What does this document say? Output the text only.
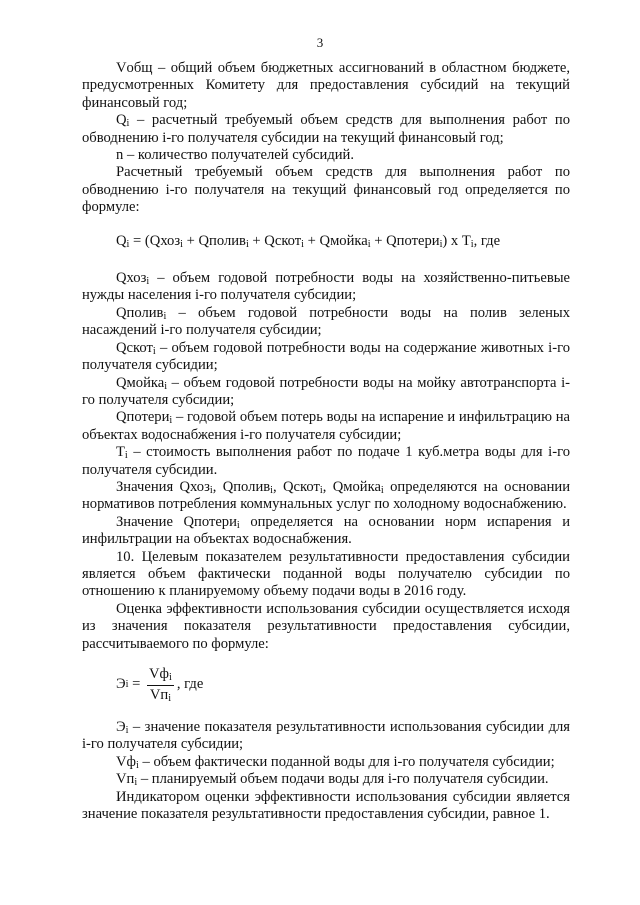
3

Vобщ – общий объем бюджетных ассигнований в областном бюджете, предусмотренных Комитету для предоставления субсидий на текущий финансовый год;

$Q_i$ – расчетный требуемый объем средств для выполнения работ по обводнению i-го получателя субсидии на текущий финансовый год;

n – количество получателей субсидий.

Расчетный требуемый объем средств для выполнения работ по обводнению i-го получателя на текущий финансовый год определяется по формуле:

$Q_i$ = (Qхоз$_i$ + Qполив$_i$ + Qскот$_i$ + Qмойка$_i$ + Qпотери$_i$) х $Т_i$, где

Qхоз$_i$ – объем годовой потребности воды на хозяйственно-питьевые нужды населения i-го получателя субсидии;

Qполив$_i$ – объем годовой потребности воды на полив зеленых насаждений i-го получателя субсидии;

Qскот$_i$ – объем годовой потребности воды на содержание животных i-го получателя субсидии;

Qмойка$_i$ – объем годовой потребности воды на мойку автотранспорта i-го получателя субсидии;

Qпотери$_i$ – годовой объем потерь воды на испарение и инфильтрацию на объектах водоснабжения i-го получателя субсидии;

$Т_i$ – стоимость выполнения работ по подаче 1 куб.метра воды для i-го получателя субсидии.

Значения Qхоз$_i$, Qполив$_i$, Qскот$_i$, Qмойка$_i$ определяются на основании нормативов потребления коммунальных услуг по холодному водоснабжению.

Значение Qпотери$_i$ определяется на основании норм испарения и инфильтрации на объектах водоснабжения.

10. Целевым показателем результативности предоставления субсидии является объем фактически поданной воды получателю субсидии по отношению к планируемому объему подачи воды в 2016 году.

Оценка эффективности использования субсидии осуществляется исходя из значения показателя результативности предоставления субсидии, рассчитываемого по формуле:

Э $i = \frac{Vф_i}{Vп_i}$ , где

$Э_i$ – значение показателя результативности использования субсидии для i-го получателя субсидии;

$Vф_i$ – объем фактически поданной воды для i-го получателя субсидии;

$Vп_i$ – планируемый объем подачи воды для i-го получателя субсидии.

Индикатором оценки эффективности использования субсидии является значение показателя результативности предоставления субсидии, равное 1.
